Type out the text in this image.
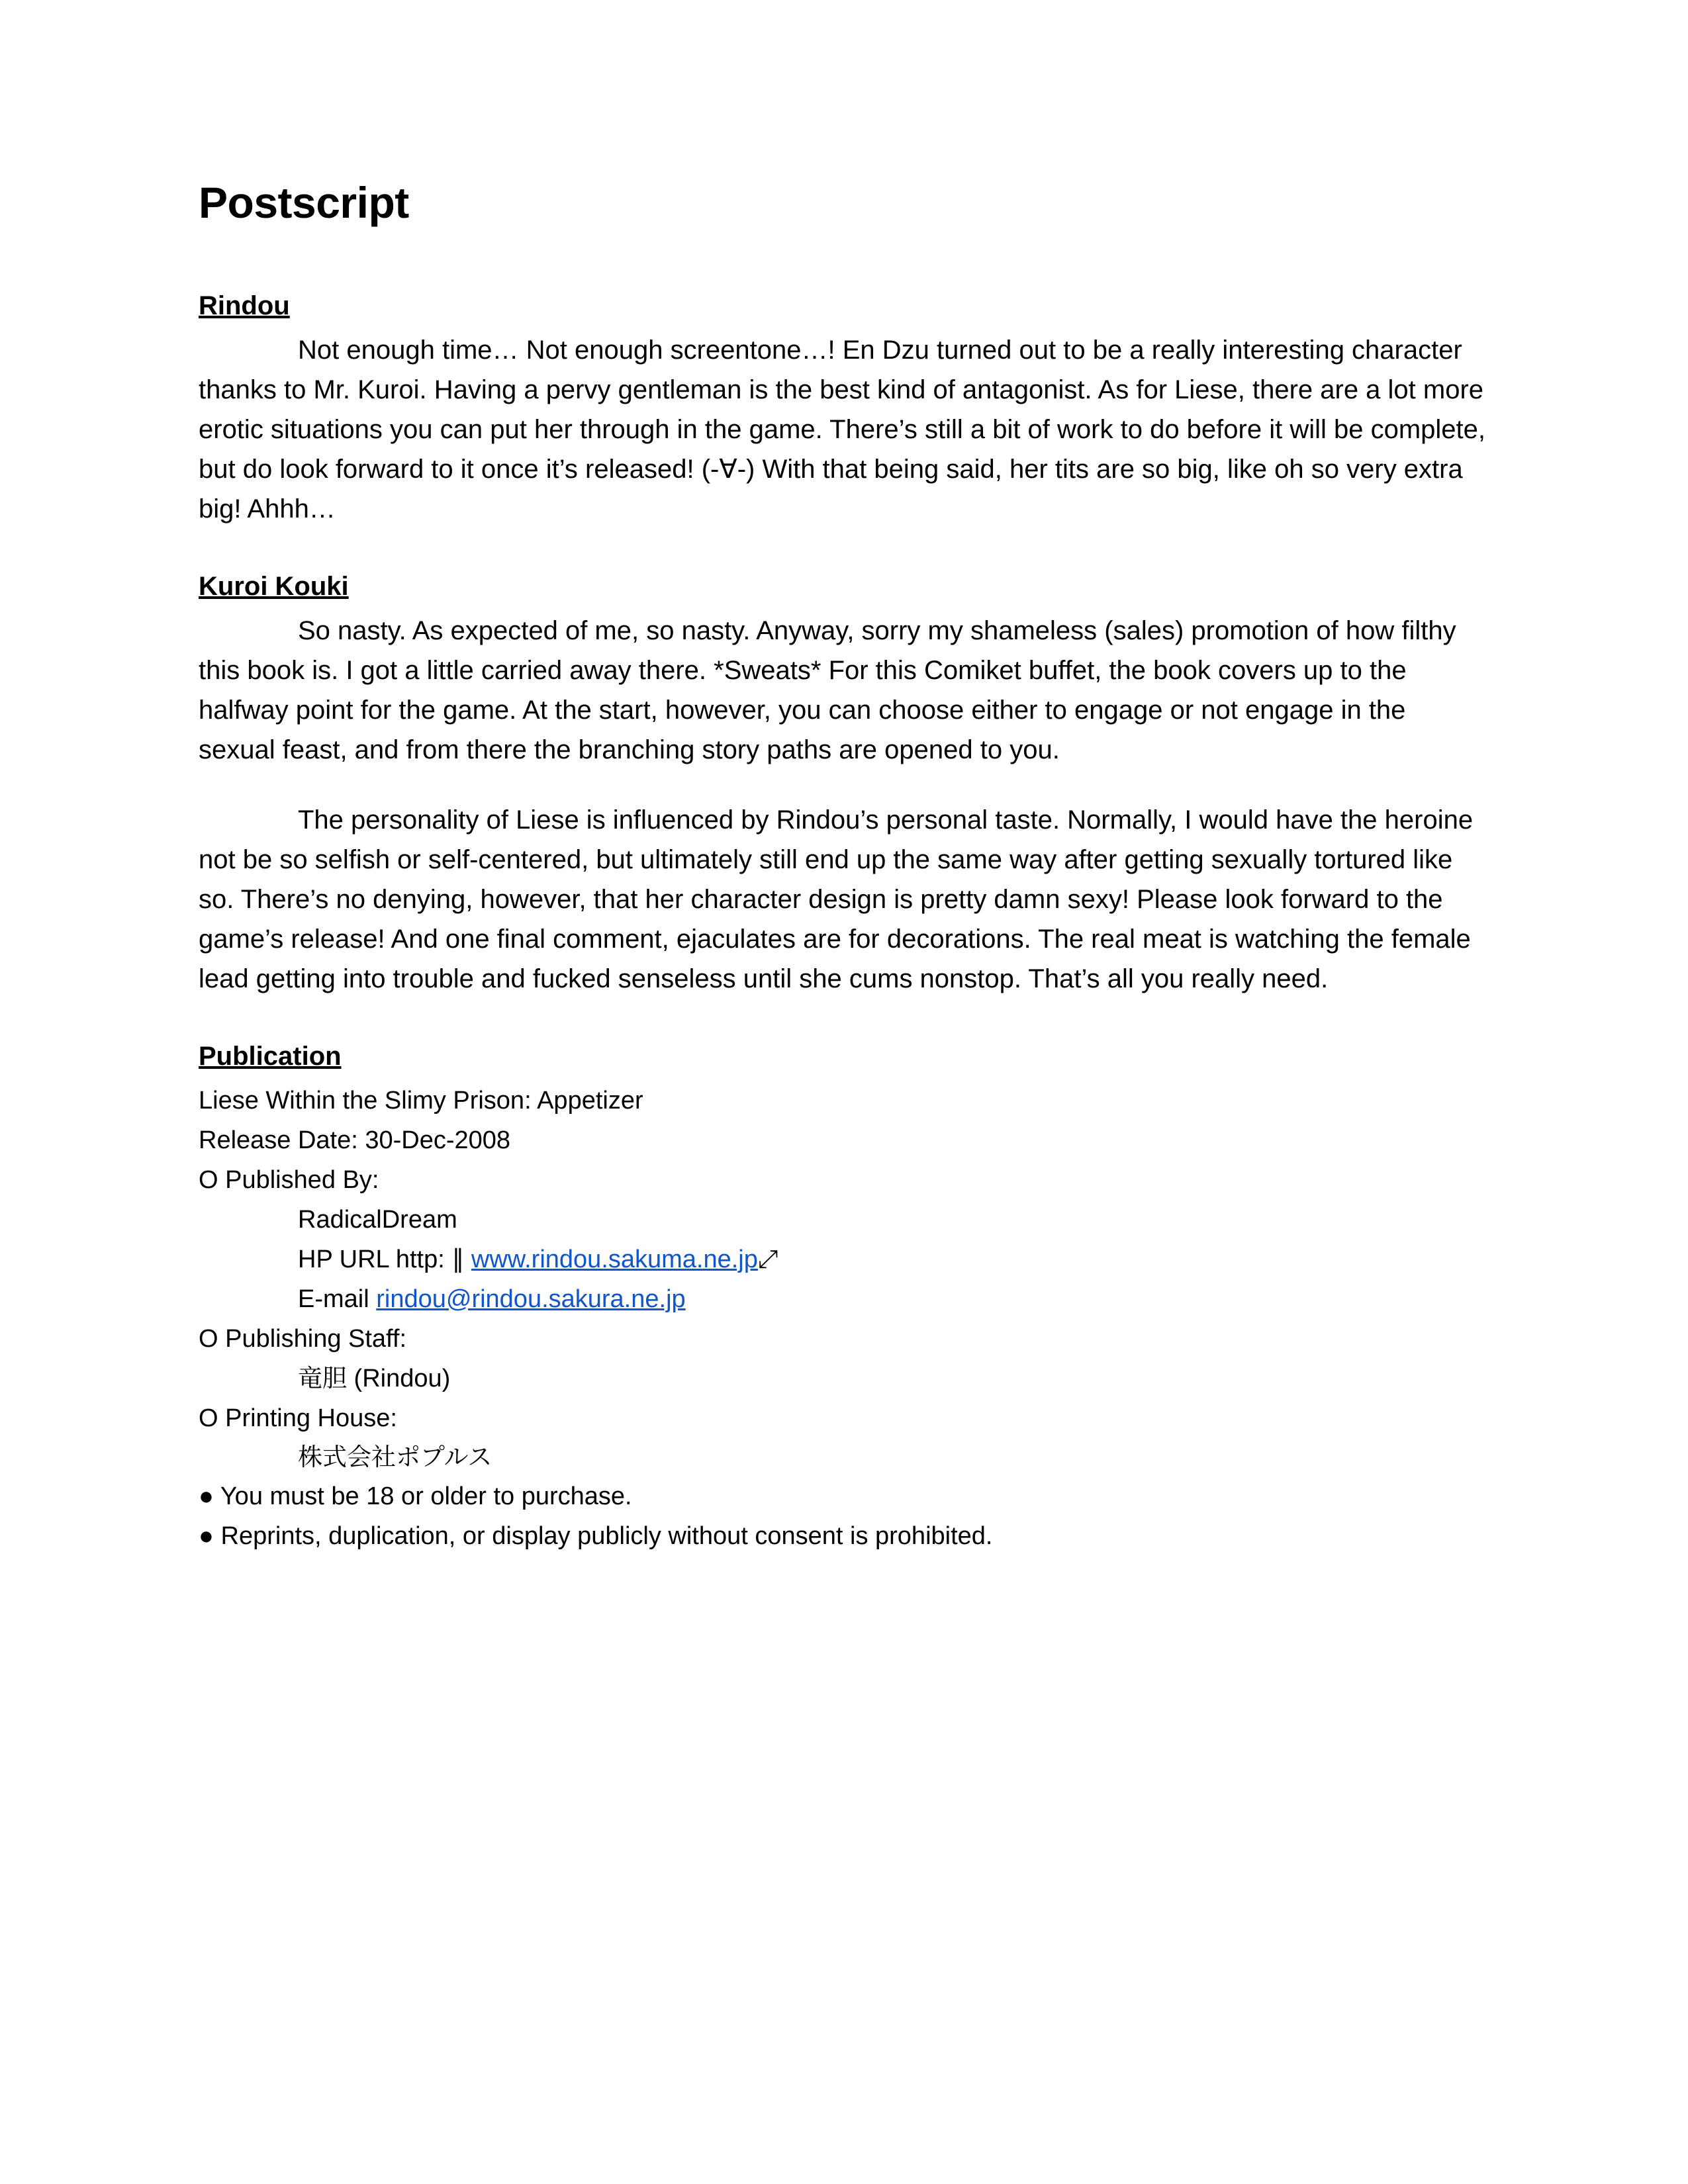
Postscript
Rindou

Not enough time… Not enough screentone…! En Dzu turned out to be a really interesting character thanks to Mr. Kuroi. Having a pervy gentleman is the best kind of antagonist. As for Liese, there are a lot more erotic situations you can put her through in the game. There’s still a bit of work to do before it will be complete, but do look forward to it once it’s released! (-∀-) With that being said, her tits are so big, like oh so very extra big! Ahhh…

Kuroi Kouki

So nasty. As expected of me, so nasty. Anyway, sorry my shameless (sales) promotion of how filthy this book is. I got a little carried away there. *Sweats* For this Comiket buffet, the book covers up to the halfway point for the game. At the start, however, you can choose either to engage or not engage in the sexual feast, and from there the branching story paths are opened to you.

The personality of Liese is influenced by Rindou’s personal taste. Normally, I would have the heroine not be so selfish or self-centered, but ultimately still end up the same way after getting sexually tortured like so. There’s no denying, however, that her character design is pretty damn sexy! Please look forward to the game’s release! And one final comment, ejaculates are for decorations. The real meat is watching the female lead getting into trouble and fucked senseless until she cums nonstop. That’s all you really need.

Publication
Liese Within the Slimy Prison: Appetizer
Release Date: 30-Dec-2008
O Published By:
RadicalDream
HP URL http: ∥ www.rindou.sakuma.ne.jp⤢
E-mail rindou@rindou.sakura.ne.jp
O Publishing Staff:
竜胆 (Rindou)
O Printing House:
株式会社ポプルス
● You must be 18 or older to purchase.
● Reprints, duplication, or display publicly without consent is prohibited.
